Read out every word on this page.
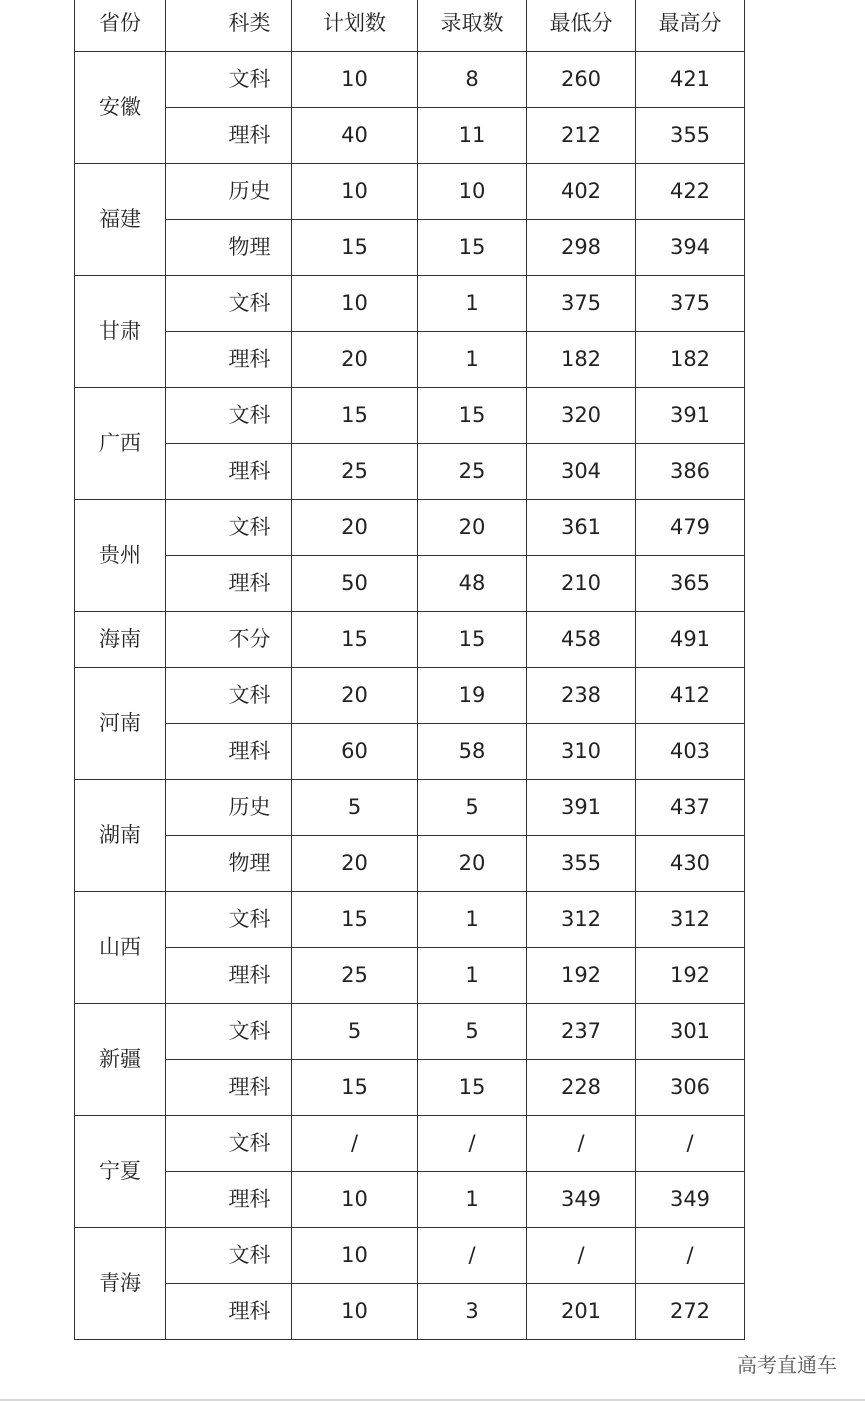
省份	科类	计划数	录取数	最低分	最高分
安徽	文科	10	8	260	421
	理科	40	11	212	355
福建	历史	10	10	402	422
	物理	15	15	298	394
甘肃	文科	10	1	375	375
	理科	20	1	182	182
广西	文科	15	15	320	391
	理科	25	25	304	386
贵州	文科	20	20	361	479
	理科	50	48	210	365
海南	不分	15	15	458	491
河南	文科	20	19	238	412
	理科	60	58	310	403
湖南	历史	5	5	391	437
	物理	20	20	355	430
山西	文科	15	1	312	312
	理科	25	1	192	192
新疆	文科	5	5	237	301
	理科	15	15	228	306
宁夏	文科	/	/	/	/
	理科	10	1	349	349
青海	文科	10	/	/	/
	理科	10	3	201	272
高考直通车
